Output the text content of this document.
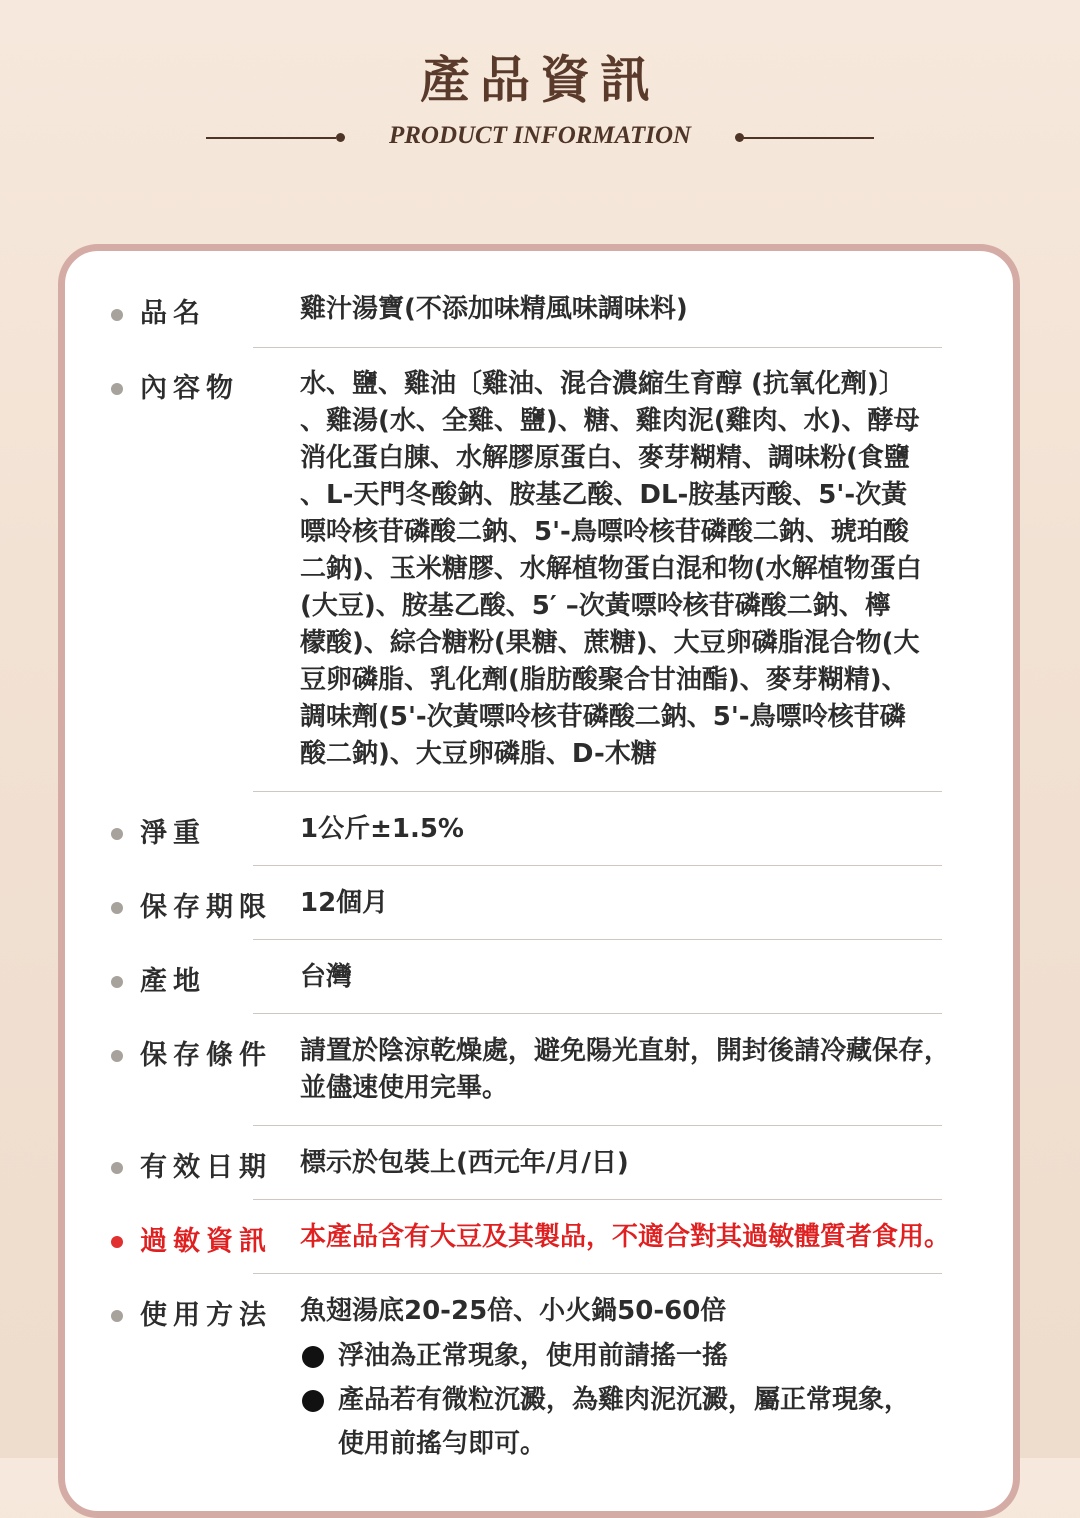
產品資訊
PRODUCT INFORMATION
品名	雞汁湯寶(不添加味精風味調味料)
內容物 水、鹽、雞油〔雞油、混合濃縮生育醇 (抗氧化劑)〕
、雞湯(水、全雞、鹽)、糖、雞肉泥(雞肉、水)、酵母
消化蛋白腖、水解膠原蛋白、麥芽糊精、調味粉(食鹽
、L-天門冬酸鈉、胺基乙酸、DL-胺基丙酸、5'-次黃
嘌呤核苷磷酸二鈉、5'-鳥嘌呤核苷磷酸二鈉、琥珀酸
二鈉)、玉米糖膠、水解植物蛋白混和物(水解植物蛋白
(大豆)、胺基乙酸、5′ –次黃嘌呤核苷磷酸二鈉、檸
檬酸)、綜合糖粉(果糖、蔗糖)、大豆卵磷脂混合物(大
豆卵磷脂、乳化劑(脂肪酸聚合甘油酯)、麥芽糊精)、
調味劑(5'-次黃嘌呤核苷磷酸二鈉、5'-鳥嘌呤核苷磷
酸二鈉)、大豆卵磷脂、D-木糖
淨重	1公斤±1.5%
保存期限 12個月
產地	台灣
保存條件 請置於陰涼乾燥處，避免陽光直射，開封後請冷藏保存，
並儘速使用完畢。
有效日期 標示於包裝上(西元年/月/日)
過敏資訊 本產品含有大豆及其製品，不適合對其過敏體質者食用。
使用方法 魚翅湯底20-25倍、小火鍋50-60倍
浮油為正常現象，使用前請搖一搖
產品若有微粒沉澱，為雞肉泥沉澱，屬正常現象，
使用前搖勻即可。
